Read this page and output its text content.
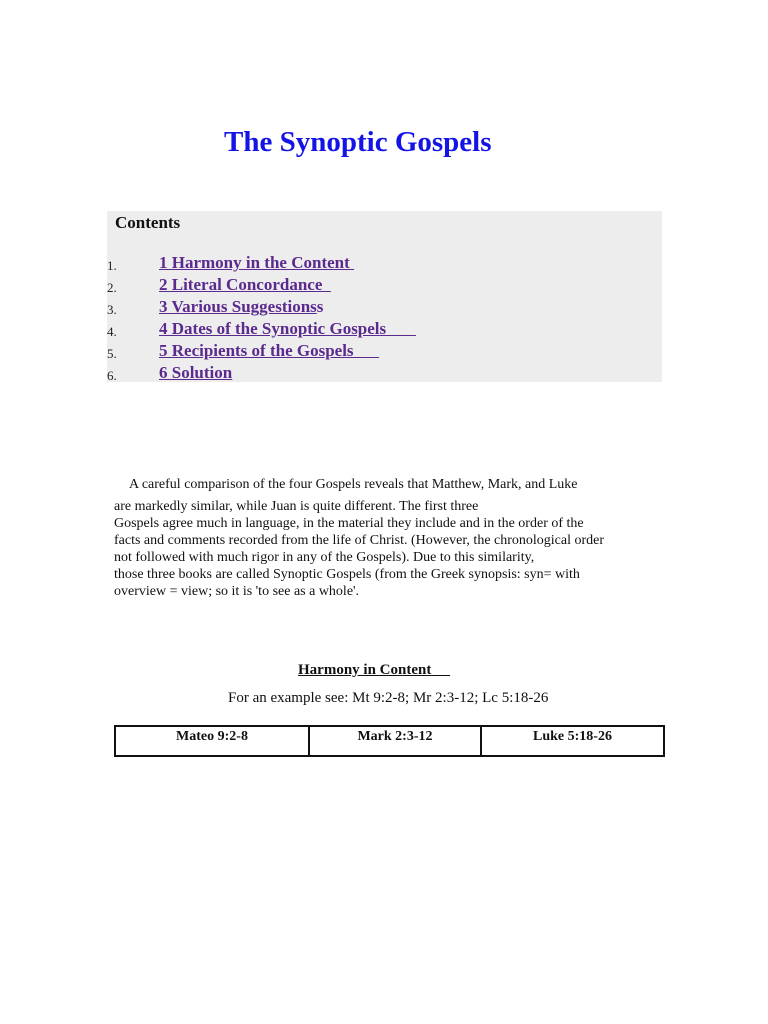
The Synoptic Gospels
Contents
1. 1 Harmony in the Content
2. 2 Literal Concordance
3. 3 Various Suggestionss
4. 4 Dates of the Synoptic Gospels
5. 5 Recipients of the Gospels
6. 6 Solution
A careful comparison of the four Gospels reveals that Matthew, Mark, and Luke
are markedly similar, while Juan is quite different. The first three
Gospels agree much in language, in the material they include and in the order of the
facts and comments recorded from the life of Christ. (However, the chronological order
not followed with much rigor in any of the Gospels). Due to this similarity,
those three books are called Synoptic Gospels (from the Greek synopsis: syn= with
overview = view; so it is 'to see as a whole'.
Harmony in Content
For an example see: Mt 9:2-8; Mr 2:3-12; Lc 5:18-26
Mateo 9:2-8	Mark 2:3-12	Luke 5:18-26
